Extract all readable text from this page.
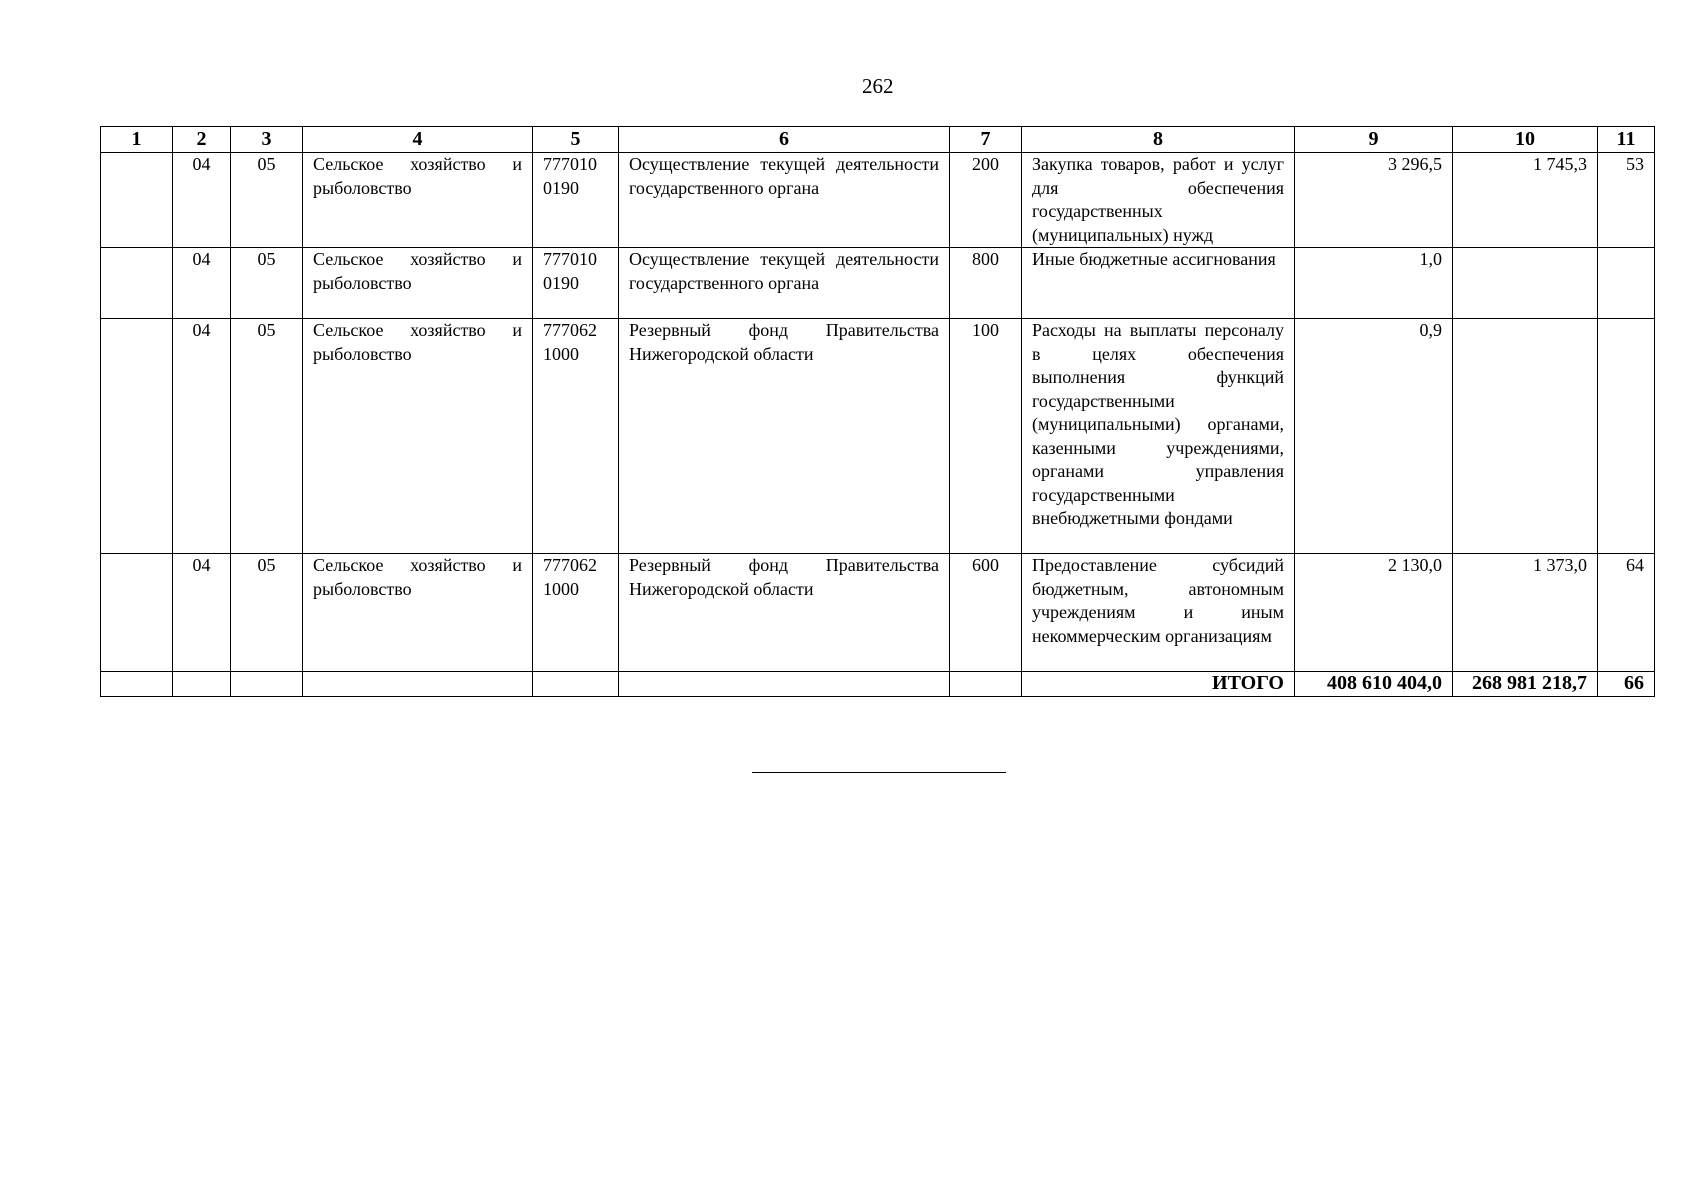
262
1	2	3	4	5	6	7	8	9	10	11
	04	05	Сельское хозяйство и рыболовство	777010 0190	Осуществление текущей деятельности государственного органа	200	Закупка товаров, работ и услуг для обеспечения государственных (муниципальных) нужд	3 296,5	1 745,3	53
	04	05	Сельское хозяйство и рыболовство	777010 0190	Осуществление текущей деятельности государственного органа	800	Иные бюджетные ассигнования	1,0		
	04	05	Сельское хозяйство и рыболовство	777062 1000	Резервный фонд Правительства Нижегородской области	100	Расходы на выплаты персоналу в целях обеспечения выполнения функций государственными (муниципальными) органами, казенными учреждениями, органами управления государственными внебюджетными фондами	0,9		
	04	05	Сельское хозяйство и рыболовство	777062 1000	Резервный фонд Правительства Нижегородской области	600	Предоставление субсидий бюджетным, автономным учреждениям и иным некоммерческим организациям	2 130,0	1 373,0	64
							ИТОГО	408 610 404,0	268 981 218,7	66
